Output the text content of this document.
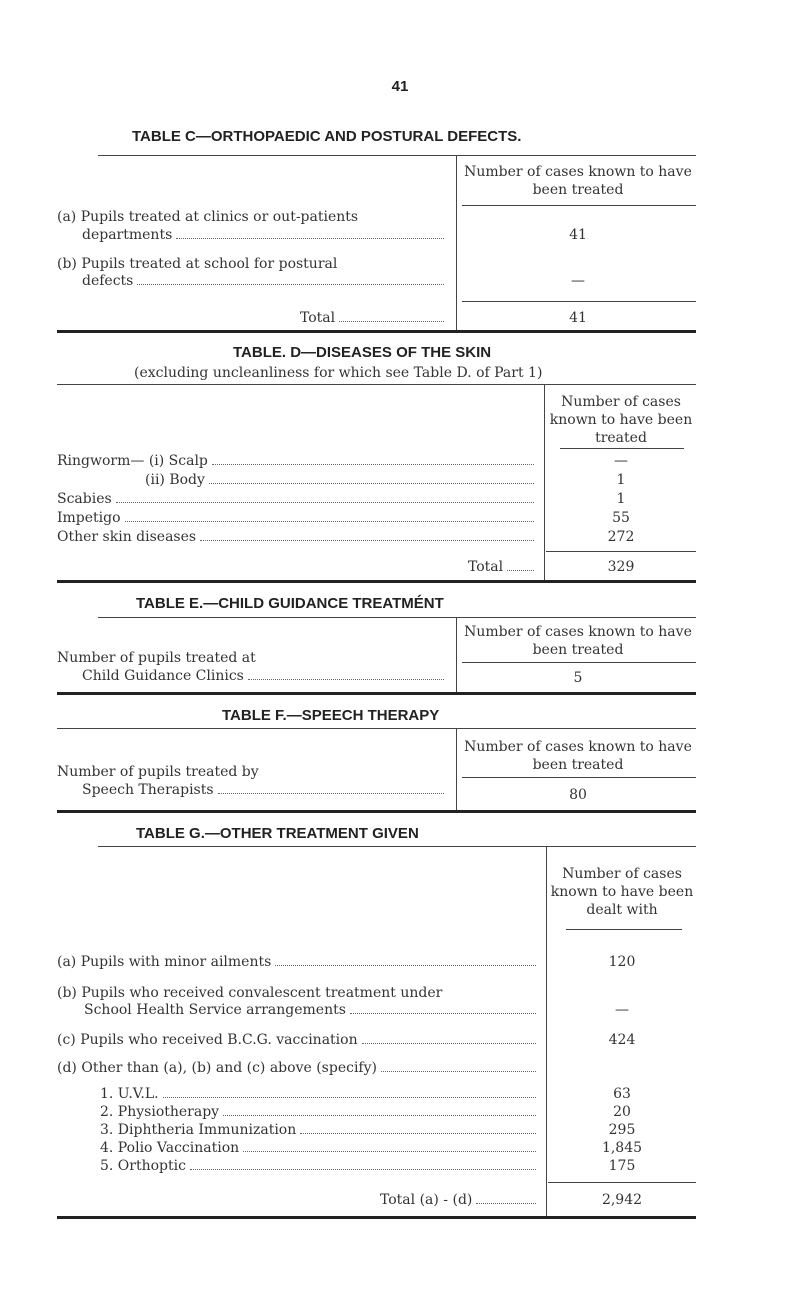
41
TABLE C—ORTHOPAEDIC AND POSTURAL DEFECTS.
Number of cases known to have been treated
(a) Pupils treated at clinics or out-patients
departments	41
(b) Pupils treated at school for postural
defects	—
Total	41
TABLE. D—DISEASES OF THE SKIN
(excluding uncleanliness for which see Table D. of Part 1)
Number of cases known to have been treated
Ringworm— (i) Scalp	—
(ii) Body	1
Scabies	1
Impetigo	55
Other skin diseases	272
Total	329
TABLE E.—CHILD GUIDANCE TREATMÉNT
Number of cases known to have been treated
Number of pupils treated at
Child Guidance Clinics	5
TABLE F.—SPEECH THERAPY
Number of cases known to have been treated
Number of pupils treated by
Speech Therapists	80
TABLE G.—OTHER TREATMENT GIVEN
Number of cases known to have been dealt with
(a) Pupils with minor ailments	120
(b) Pupils who received convalescent treatment under
School Health Service arrangements	—
(c) Pupils who received B.C.G. vaccination	424
(d) Other than (a), (b) and (c) above (specify)
1. U.V.L.	63
2. Physiotherapy	20
3. Diphtheria Immunization	295
4. Polio Vaccination	1,845
5. Orthoptic	175
Total (a) - (d)	2,942
